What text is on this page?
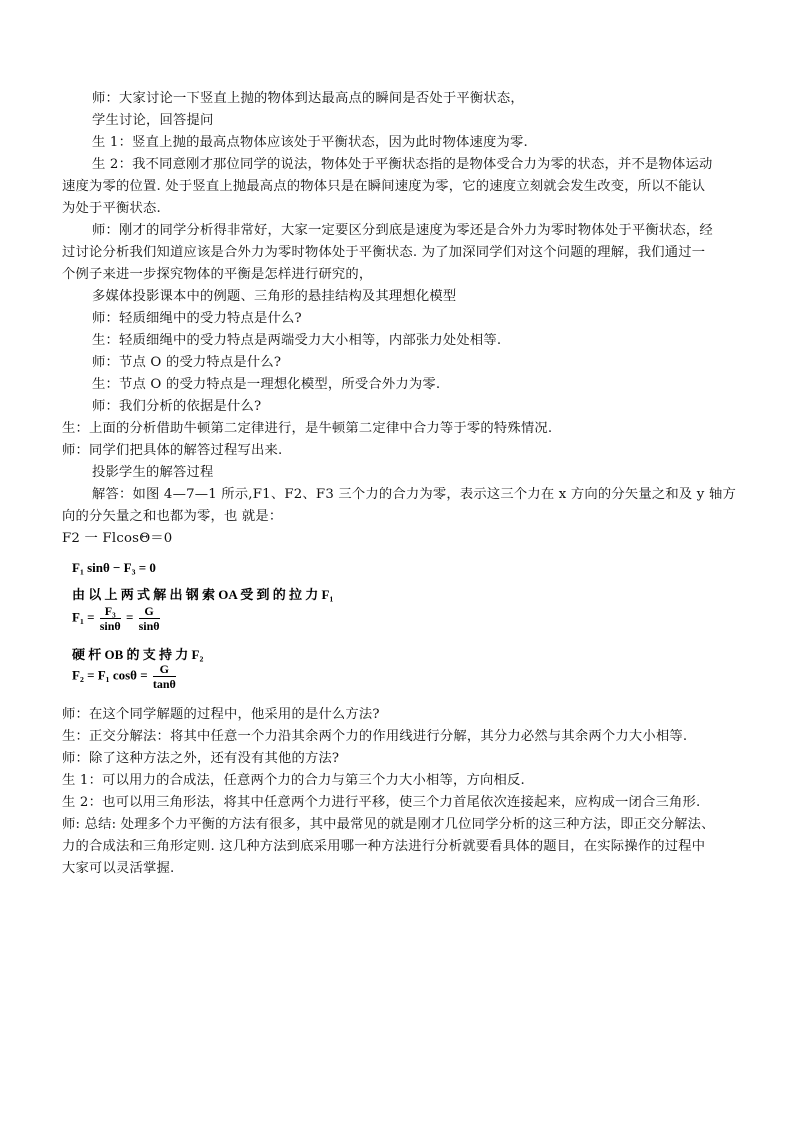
师：大家讨论一下竖直上抛的物体到达最高点的瞬间是否处于平衡状态，
学生讨论，回答提问
生 1：竖直上抛的最高点物体应该处于平衡状态，因为此时物体速度为零.
生 2：我不同意刚才那位同学的说法，物体处于平衡状态指的是物体受合力为零的状态，并不是物体运动
速度为零的位置. 处于竖直上抛最高点的物体只是在瞬间速度为零，它的速度立刻就会发生改变，所以不能认
为处于平衡状态.
师：刚才的同学分析得非常好，大家一定要区分到底是速度为零还是合外力为零时物体处于平衡状态，经
过讨论分析我们知道应该是合外力为零时物体处于平衡状态. 为了加深同学们对这个问题的理解，我们通过一
个例子来进一步探究物体的平衡是怎样进行研究的，
多媒体投影课本中的例题、三角形的悬挂结构及其理想化模型
师：轻质细绳中的受力特点是什么?
生：轻质细绳中的受力特点是两端受力大小相等，内部张力处处相等.
师：节点 O 的受力特点是什么?
生：节点 O 的受力特点是一理想化模型，所受合外力为零.
师：我们分析的依据是什么?
生：上面的分析借助牛顿第二定律进行，是牛顿第二定律中合力等于零的特殊情况.
师：同学们把具体的解答过程写出来.
投影学生的解答过程
解答：如图 4—7—1 所示,F1、F2、F3 三个力的合力为零，表示这三个力在 x 方向的分矢量之和及 y 轴方
向的分矢量之和也都为零，也 就是：
F2 一 FlcosΘ＝0
F₁ sinθ − F₃ = 0
由 以 上 两 式 解 出 钢 索 OA 受 到 的 拉 力 F₁
$F_1 = \frac{\text{F₃}}{\sin\theta} = \frac{G}{\sin\theta}$
硬 杆 OB 的 支 持 力 F₂
F₂ = F₁ $\cos\theta = \frac{G}{\tan\theta}$
师：在这个同学解题的过程中，他采用的是什么方法?
生：正交分解法：将其中任意一个力沿其余两个力的作用线进行分解，其分力必然与其余两个力大小相等.
师：除了这种方法之外，还有没有其他的方法?
生 1：可以用力的合成法，任意两个力的合力与第三个力大小相等，方向相反.
生 2：也可以用三角形法，将其中任意两个力进行平移，使三个力首尾依次连接起来，应构成一闭合三角形.
师: 总结: 处理多个力平衡的方法有很多，其中最常见的就是刚才几位同学分析的这三种方法，即正交分解法、
力的合成法和三角形定则. 这几种方法到底采用哪一种方法进行分析就要看具体的题目，在实际操作的过程中
大家可以灵活掌握.
